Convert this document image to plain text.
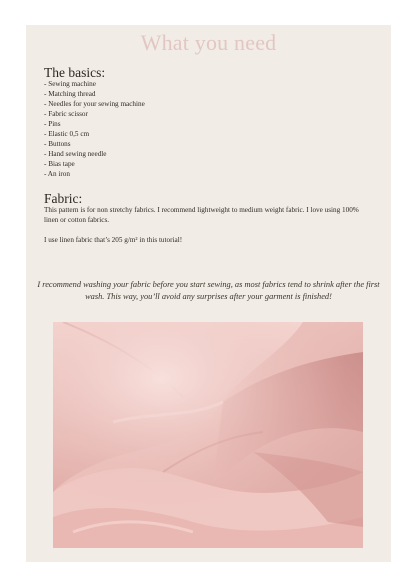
What you need
The basics:
- Sewing machine
- Matching thread
- Needles for your sewing machine
- Fabric scissor
- Pins
- Elastic 0,5 cm
- Buttons
- Hand sewing needle
- Bias tape
- An iron
Fabric:

This pattern is for non stretchy fabrics. I recommend lightweight to medium weight fabric. I love using 100% linen or cotton fabrics.

I use linen fabric that’s 205 g/m² in this tutorial!

I recommend washing your fabric before you start sewing, as most fabrics tend to shrink after the first wash. This way, you’ll avoid any surprises after your garment is finished!
